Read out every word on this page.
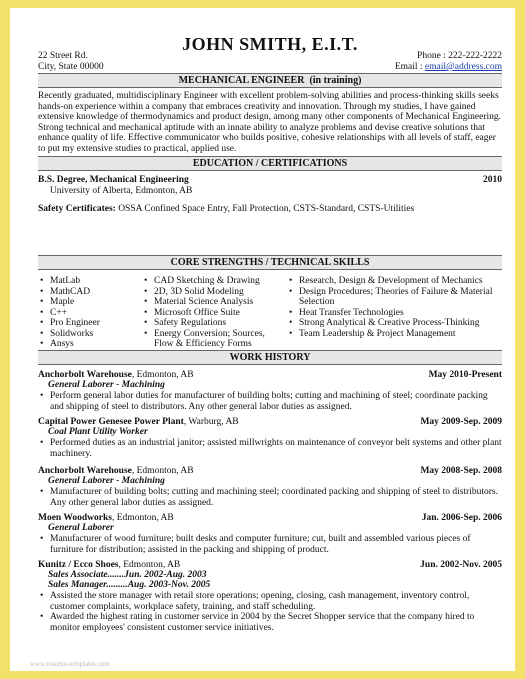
JOHN SMITH, E.I.T.
22 Street Rd.
City, State 00000
Phone : 222-222-2222
Email : email@address.com
MECHANICAL ENGINEER (in training)
Recently graduated, multidisciplinary Engineer with excellent problem-solving abilities and process-thinking skills seeks hands-on experience within a company that embraces creativity and innovation. Through my studies, I have gained extensive knowledge of thermodynamics and product design, among many other components of Mechanical Engineering. Strong technical and mechanical aptitude with an innate ability to analyze problems and devise creative solutions that enhance quality of life. Effective communicator who builds positive, cohesive relationships with all levels of staff, eager to put my extensive studies to practical, applied use.
EDUCATION / CERTIFICATIONS
B.S. Degree, Mechanical Engineering	2010
University of Alberta, Edmonton, AB
Safety Certificates: OSSA Confined Space Entry, Fall Protection, CSTS-Standard, CSTS-Utilities
CORE STRENGTHS / TECHNICAL SKILLS
• MatLab
• MathCAD
• Maple
• C++
• Pro Engineer
• Solidworks
• Ansys
• CAD Sketching & Drawing
• 2D, 3D Solid Modeling
• Material Science Analysis
• Microsoft Office Suite
• Safety Regulations
• Energy Conversion; Sources, Flow & Efficiency Forms
• Research, Design & Development of Mechanics
• Design Procedures; Theories of Failure & Material Selection
• Heat Transfer Technologies
• Strong Analytical & Creative Process-Thinking
• Team Leadership & Project Management
WORK HISTORY
Anchorbolt Warehouse, Edmonton, AB	May 2010-Present
General Laborer - Machining
• Perform general labor duties for manufacturer of building bolts; cutting and machining of steel; coordinate packing and shipping of steel to distributors. Any other general labor duties as assigned.
Capital Power Genesee Power Plant, Warburg, AB	May 2009-Sep. 2009
Coal Plant Utility Worker
• Performed duties as an industrial janitor; assisted millwrights on maintenance of conveyor belt systems and other plant machinery.
Anchorbolt Warehouse, Edmonton, AB	May 2008-Sep. 2008
General Laborer - Machining
• Manufacturer of building bolts; cutting and machining steel; coordinated packing and shipping of steel to distributors. Any other general labor duties as assigned.
Moen Woodworks, Edmonton, AB	Jan. 2006-Sep. 2006
General Laborer
• Manufacturer of wood furniture; built desks and computer furniture; cut, built and assembled various pieces of furniture for distribution; assisted in the packing and shipping of product.
Kunitz / Ecco Shoes, Edmonton, AB	Jun. 2002-Nov. 2005
Sales Associate.......Jun. 2002-Aug. 2003
Sales Manager.........Aug. 2003-Nov. 2005
• Assisted the store manager with retail store operations; opening, closing, cash management, inventory control, customer complaints, workplace safety, training, and staff scheduling.
• Awarded the highest rating in customer service in 2004 by the Secret Shopper service that the company hired to monitor employees' consistent customer service initiatives.
www.resume-templates.com
